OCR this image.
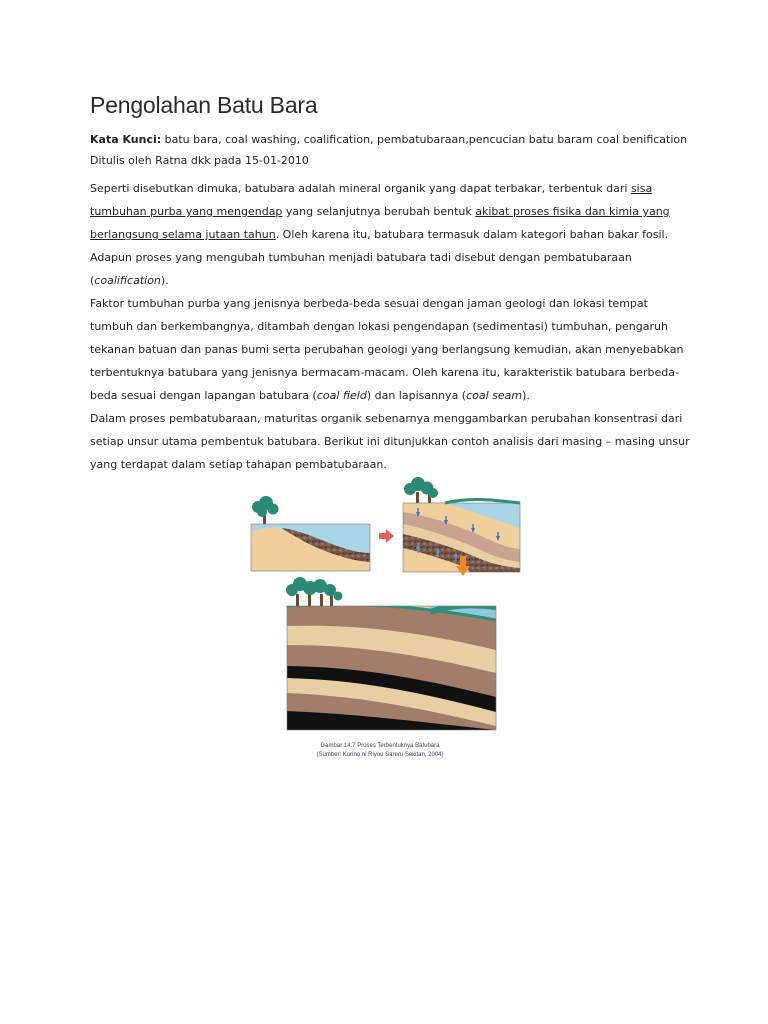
Pengolahan Batu Bara
Kata Kunci: batu bara, coal washing, coalification, pembatubaraan,pencucian batu baram coal benification
Ditulis oleh Ratna dkk pada 15-01-2010

Seperti disebutkan dimuka, batubara adalah mineral organik yang dapat terbakar, terbentuk dari sisa tumbuhan purba yang mengendap yang selanjutnya berubah bentuk akibat proses fisika dan kimia yang berlangsung selama jutaan tahun. Oleh karena itu, batubara termasuk dalam kategori bahan bakar fosil. Adapun proses yang mengubah tumbuhan menjadi batubara tadi disebut dengan pembatubaraan (coalification).

Faktor tumbuhan purba yang jenisnya berbeda-beda sesuai dengan jaman geologi dan lokasi tempat tumbuh dan berkembangnya, ditambah dengan lokasi pengendapan (sedimentasi) tumbuhan, pengaruh tekanan batuan dan panas bumi serta perubahan geologi yang berlangsung kemudian, akan menyebabkan terbentuknya batubara yang jenisnya bermacam-macam. Oleh karena itu, karakteristik batubara berbeda-beda sesuai dengan lapangan batubara (coal field) dan lapisannya (coal seam).

Dalam proses pembatubaraan, maturitas organik sebenarnya menggambarkan perubahan konsentrasi dari setiap unsur utama pembentuk batubara. Berikut ini ditunjukkan contoh analisis dari masing – masing unsur yang terdapat dalam setiap tahapan pembatubaraan.

Gambar 14.7 Proses Terbentuknya Batubara
(Sumber: Kurino ni Riyou Sareru Sekitan, 2004)
